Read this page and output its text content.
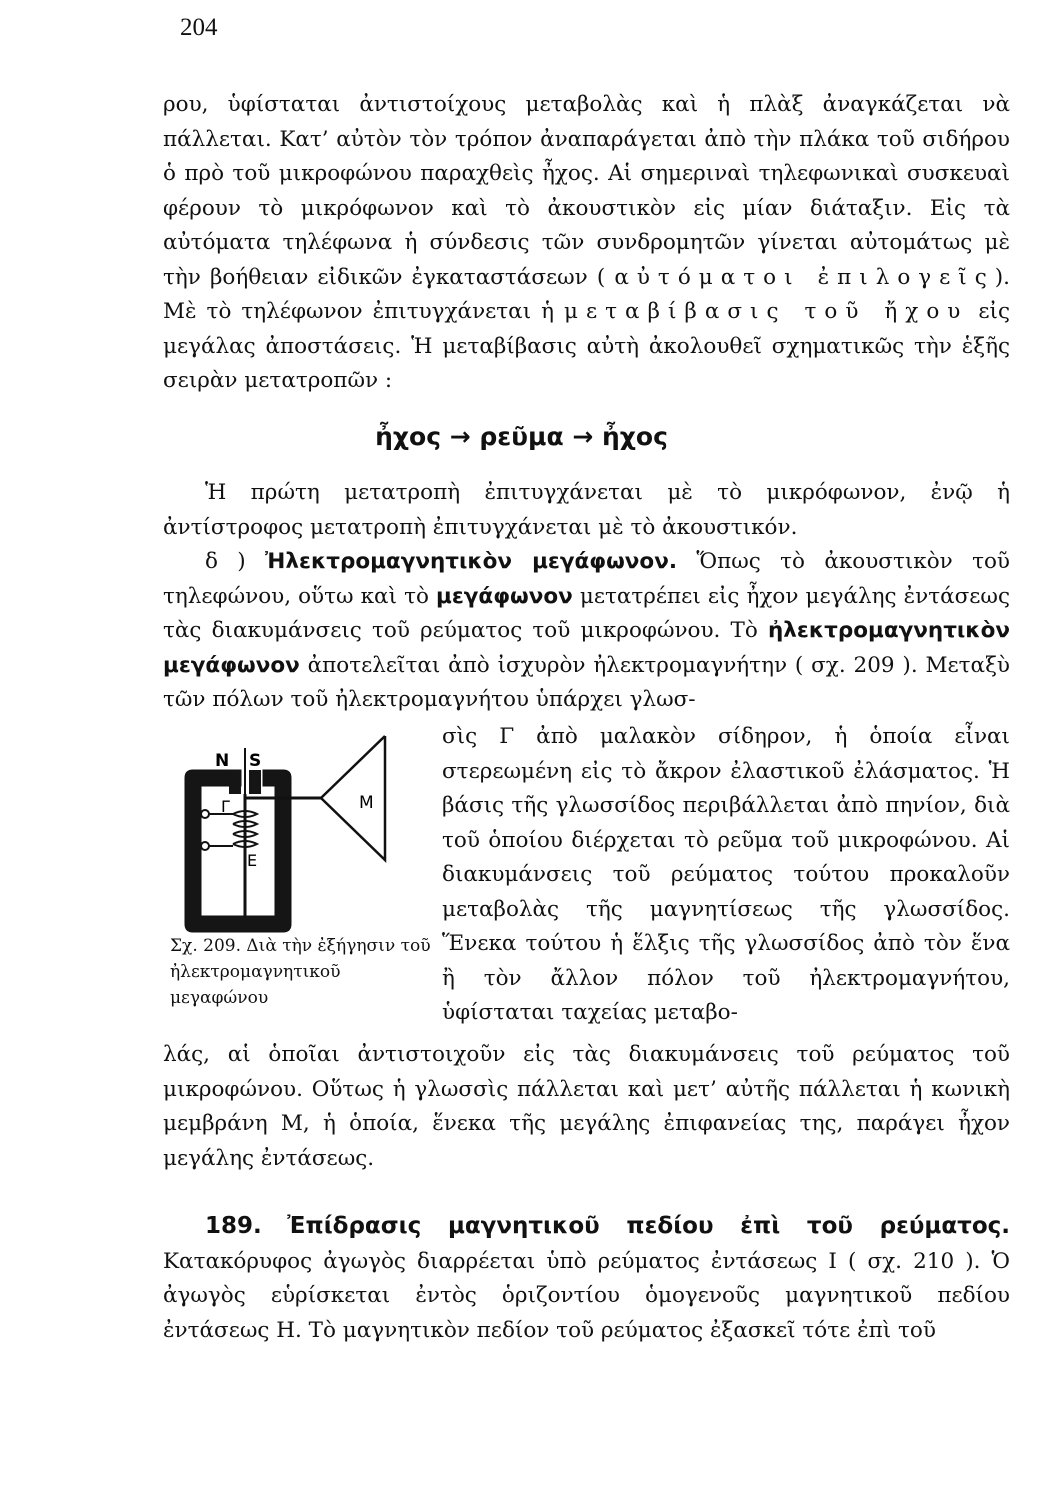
204

ρου, ὑφίσταται ἀντιστοίχους μεταβολὰς καὶ ἡ πλὰξ ἀναγκάζεται νὰ πάλλεται. Κατ’ αὐτὸν τὸν τρόπον ἀναπαράγεται ἀπὸ τὴν πλάκα τοῦ σιδήρου ὁ πρὸ τοῦ μικροφώνου παραχθεὶς ἦχος. Αἱ σημεριναὶ τηλεφωνικαὶ συσκευαὶ φέρουν τὸ μικρόφωνον καὶ τὸ ἀκουστικὸν εἰς μίαν διάταξιν. Εἰς τὰ αὐτόματα τηλέφωνα ἡ σύνδεσις τῶν συνδρομητῶν γίνεται αὐτομάτως μὲ τὴν βοήθειαν εἰδικῶν ἐγκαταστάσεων ( αὐτόματοι ἐπιλογεῖς). Μὲ τὸ τηλέφωνον ἐπιτυγχάνεται ἡ μεταβίβασις τοῦ ἤχου εἰς μεγάλας ἀποστάσεις. Ἡ μεταβίβασις αὐτὴ ἀκολουθεῖ σχηματικῶς τὴν ἑξῆς σειρὰν μετατροπῶν :

ἦχος → ρεῦμα → ἦχος

Ἡ πρώτη μετατροπὴ ἐπιτυγχάνεται μὲ τὸ μικρόφωνον, ἐνῷ ἡ ἀντίστροφος μετατροπὴ ἐπιτυγχάνεται μὲ τὸ ἀκουστικόν.

δ ) Ἠλεκτρομαγνητικὸν μεγάφωνον. Ὅπως τὸ ἀκουστικὸν τοῦ τηλεφώνου, οὕτω καὶ τὸ μεγάφωνον μετατρέπει εἰς ἦχον μεγάλης ἐντάσεως τὰς διακυμάνσεις τοῦ ρεύματος τοῦ μικροφώνου. Τὸ ἠλεκτρομαγνητικὸν μεγάφωνον ἀποτελεῖται ἀπὸ ἰσχυρὸν ἠλεκτρομαγνήτην ( σχ. 209 ). Μεταξὺ τῶν πόλων τοῦ ἠλεκτρομαγνήτου ὑπάρχει γλωσ-

N S
Γ
E
M

Σχ. 209. Διὰ τὴν ἐξήγησιν τοῦ ἠλεκτρομαγνητικοῦ μεγαφώνου

σὶς Γ ἀπὸ μαλακὸν σίδηρον, ἡ ὁποία εἶναι στερεωμένη εἰς τὸ ἄκρον ἐλαστικοῦ ἐλάσματος. Ἡ βάσις τῆς γλωσσίδος περιβάλλεται ἀπὸ πηνίον, διὰ τοῦ ὁποίου διέρχεται τὸ ρεῦμα τοῦ μικροφώνου. Αἱ διακυμάνσεις τοῦ ρεύματος τούτου προκαλοῦν μεταβολὰς τῆς μαγνητίσεως τῆς γλωσσίδος. Ἕνεκα τούτου ἡ ἕλξις τῆς γλωσσίδος ἀπὸ τὸν ἕνα ἢ τὸν ἄλλον πόλον τοῦ ἠλεκτρομαγνήτου, ὑφίσταται ταχείας μεταβο-

λάς, αἱ ὁποῖαι ἀντιστοιχοῦν εἰς τὰς διακυμάνσεις τοῦ ρεύματος τοῦ μικροφώνου. Οὕτως ἡ γλωσσὶς πάλλεται καὶ μετ’ αὐτῆς πάλλεται ἡ κωνικὴ μεμβράνη Μ, ἡ ὁποία, ἕνεκα τῆς μεγάλης ἐπιφανείας της, παράγει ἦχον μεγάλης ἐντάσεως.

189. Ἐπίδρασις μαγνητικοῦ πεδίου ἐπὶ τοῦ ρεύματος. Κατακόρυφος ἀγωγὸς διαρρέεται ὑπὸ ρεύματος ἐντάσεως Ι ( σχ. 210 ). Ὁ ἀγωγὸς εὑρίσκεται ἐντὸς ὁριζοντίου ὁμογενοῦς μαγνητικοῦ πεδίου ἐντάσεως Η. Τὸ μαγνητικὸν πεδίον τοῦ ρεύματος ἐξασκεῖ τότε ἐπὶ τοῦ
